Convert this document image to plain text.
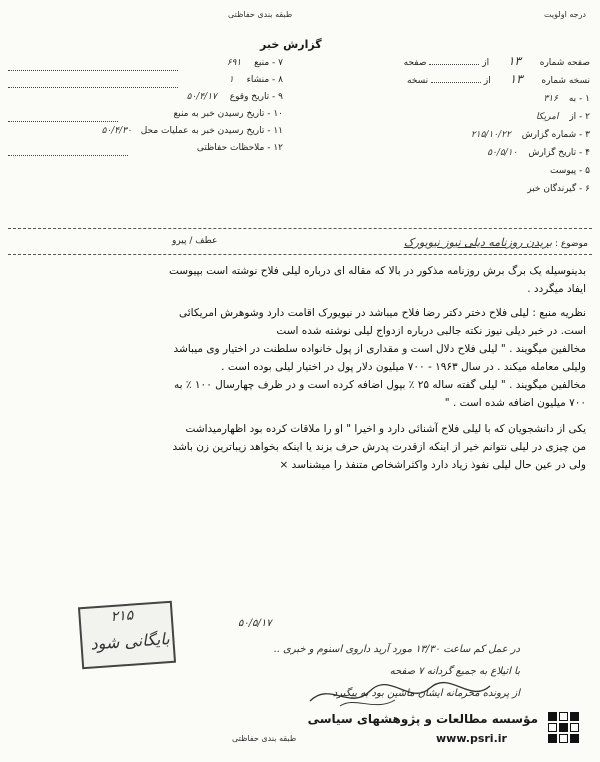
درجه اولویت
طبقه بندی حفاظتی
گزارش خبر
صفحه شماره ۱۳ از  صفحه
نسخه شماره ۱۳ از  نسخه
۱ - به ۳۱۶
۲ - از امریکا
۳ - شماره گزارش ۲۱۵/۱۰/۲۲
۴ - تاریخ گزارش ۵۰/۵/۱۰
۵ - پیوست
۶ - گیرندگان خبر
۷ - منبع ۶۹۱
۸ - منشاء ۱
۹ - تاریخ وقوع ۵۰/۴/۱۷
۱۰ - تاریخ رسیدن خبر به منبع
۱۱ - تاریخ رسیدن خبر به عملیات محل ۵۰/۴/۳۰
۱۲ - ملاحظات حفاظتی
موضوع : بریدن روزنامه دیلی نیوز نیویورک
عطف / پیرو
بدینوسیله یک برگ برش روزنامه مذکور در بالا که مقاله ای درباره لیلی فلاح نوشته است بپیوست
ایفاد میگردد .
نظریه منبع : لیلی فلاح دختر دکتر رضا فلاح میباشد در نیویورک اقامت دارد وشوهرش امریکائی
است. در خبر دیلی نیوز نکته جالبی درباره ازدواج لیلی نوشته شده است
مخالفین میگویند . " لیلی فلاح دلال است و مقداری از پول خانواده سلطنت در اختیار وی میباشد
ولیلی معامله میکند . در سال ۱۹۶۳ - ۷۰۰ میلیون دلار پول در اختیار لیلی بوده است .
مخالفین میگویند . " لیلی گفته ساله ۲۵ ٪ بپول اضافه کرده است و در ظرف چهارسال ۱۰۰ ٪ به
۷۰۰ میلیون اضافه شده است . "
یکی از دانشجویان که با لیلی فلاح آشنائی دارد و اخیرا " او را ملاقات کرده بود اظهارمیداشت
من چیزی در لیلی نتوانم خیر از اینکه ازقدرت پدرش حرف بزند یا اینکه بخواهد زیباترین زن باشد
ولی در عین حال لیلی نفوذ زیاد دارد واکثراشخاص متنفذ را میشناسد ×
۲۱۵
بایگانی شود
۵۰/۵/۱۷
در عمل کم ساعت ۱۳/۳۰ مورد آرید داروی اسنوم و خبری ..
با اتیلاع به جمیع گردانه ۷ صفحه
از پرونده محرمانه ایشان ماشین بود به پیگیرد
طبقه بندی حفاظتی
مؤسسه مطالعات و پژوهشهای سیاسی
www.psri.ir
